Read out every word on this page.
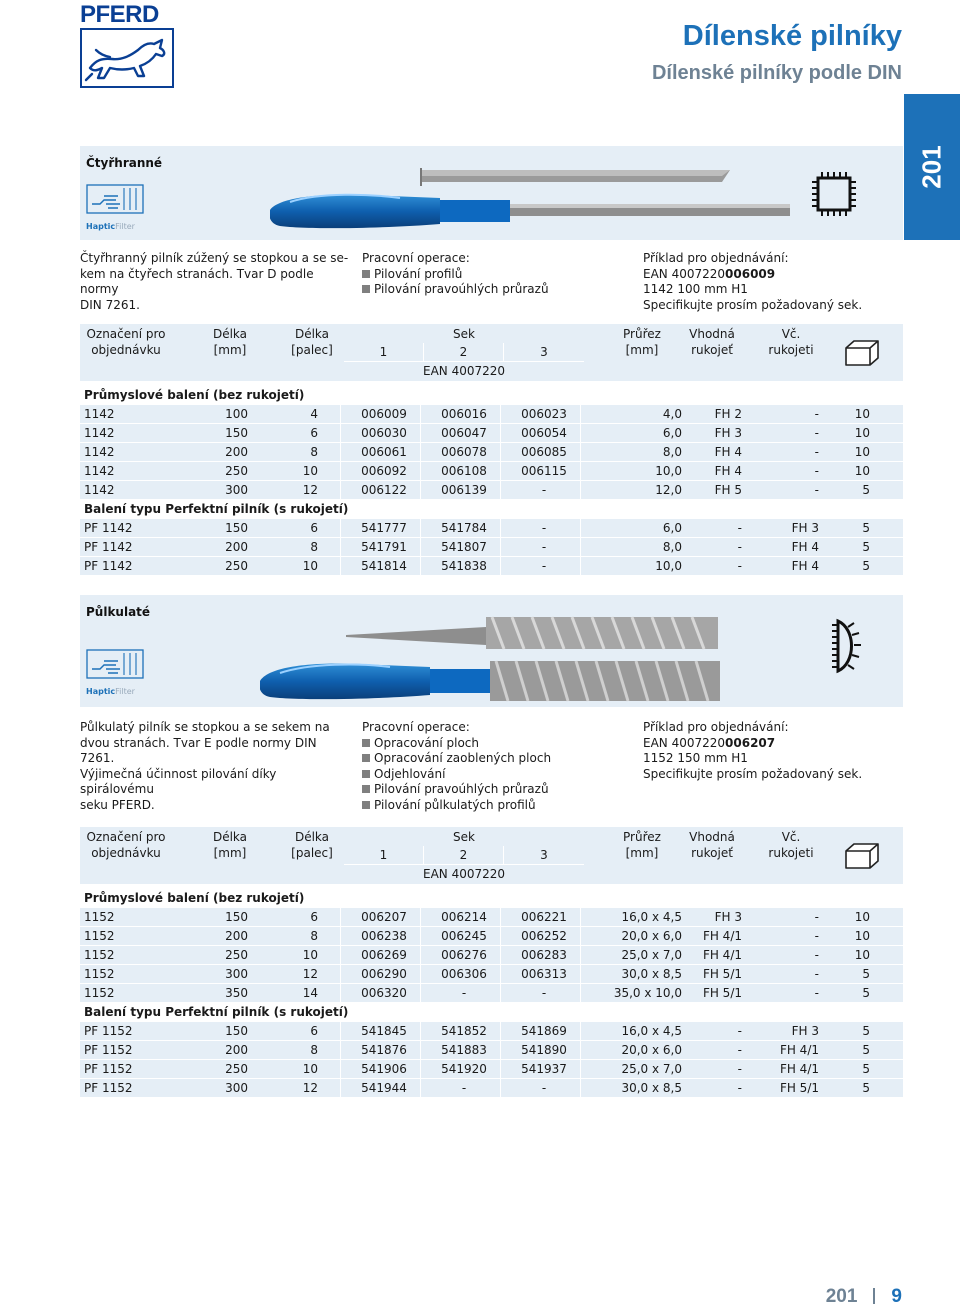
PFERD
Dílenské pilníky
Dílenské pilníky podle DIN
201
Čtyřhranné
HapticFilter
Čtyřhranný pilník zúžený se stopkou a se se-
kem na čtyřech stranách. Tvar D podle normy
DIN 7261.
Pracovní operace:
Pilování profilů
Pilování pravoúhlých průrazů
Příklad pro objednávání:
EAN 4007220006009
1142 100 mm H1
Specifikujte prosím požadovaný sek.
Označení pro
objednávku
Délka
[mm]
Délka
[palec]
Sek
1	2	3
EAN 4007220
Průřez
[mm]
Vhodná
rukojeť
Vč.
rukojeti
Průmyslové balení (bez rukojetí)
1142	100	4	006009	006016	006023	4,0	FH 2	-	10
1142	150	6	006030	006047	006054	6,0	FH 3	-	10
1142	200	8	006061	006078	006085	8,0	FH 4	-	10
1142	250	10	006092	006108	006115	10,0	FH 4	-	10
1142	300	12	006122	006139	-	12,0	FH 5	-	5
Balení typu Perfektní pilník (s rukojetí)
PF 1142	150	6	541777	541784	-	6,0	-	FH 3	5
PF 1142	200	8	541791	541807	-	8,0	-	FH 4	5
PF 1142	250	10	541814	541838	-	10,0	-	FH 4	5
Půlkulaté
HapticFilter
Půlkulatý pilník se stopkou a se sekem na
dvou stranách. Tvar E podle normy DIN 7261.
Výjimečná účinnost pilování díky spirálovému
seku PFERD.
Pracovní operace:
Opracování ploch
Opracování zaoblených ploch
Odjehlování
Pilování pravoúhlých průrazů
Pilování půlkulatých profilů
Příklad pro objednávání:
EAN 4007220006207
1152 150 mm H1
Specifikujte prosím požadovaný sek.
Označení pro
objednávku
Délka
[mm]
Délka
[palec]
Sek
1	2	3
EAN 4007220
Průřez
[mm]
Vhodná
rukojeť
Vč.
rukojeti
Průmyslové balení (bez rukojetí)
1152	150	6	006207	006214	006221	16,0 x 4,5	FH 3	-	10
1152	200	8	006238	006245	006252	20,0 x 6,0	FH 4/1	-	10
1152	250	10	006269	006276	006283	25,0 x 7,0	FH 4/1	-	10
1152	300	12	006290	006306	006313	30,0 x 8,5	FH 5/1	-	5
1152	350	14	006320	-	-	35,0 x 10,0	FH 5/1	-	5
Balení typu Perfektní pilník (s rukojetí)
PF 1152	150	6	541845	541852	541869	16,0 x 4,5	-	FH 3	5
PF 1152	200	8	541876	541883	541890	20,0 x 6,0	-	FH 4/1	5
PF 1152	250	10	541906	541920	541937	25,0 x 7,0	-	FH 4/1	5
PF 1152	300	12	541944	-	-	30,0 x 8,5	-	FH 5/1	5
201 9
